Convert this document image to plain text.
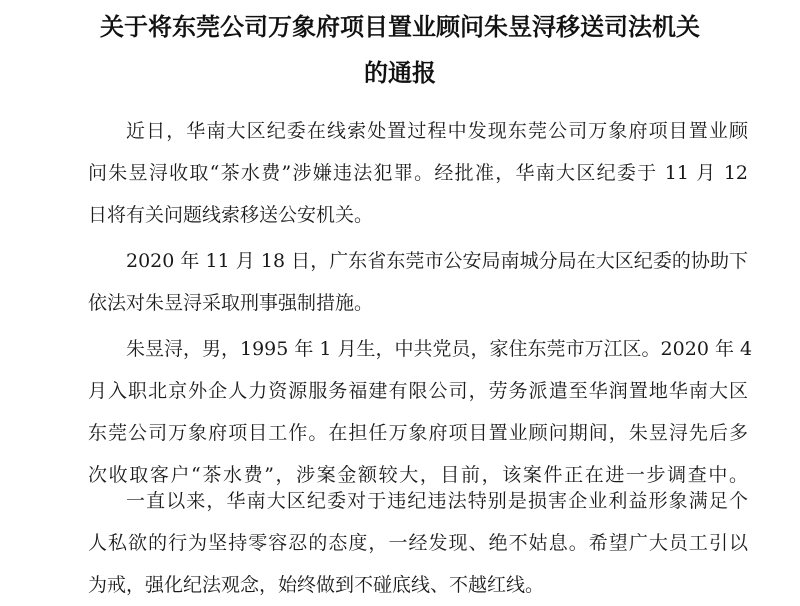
关于将东莞公司万象府项目置业顾问朱昱浔移送司法机关
的通报
近日，华南大区纪委在线索处置过程中发现东莞公司万象府项目置业顾
问朱昱浔收取“茶水费”涉嫌违法犯罪。经批准，华南大区纪委于 11 月 12
日将有关问题线索移送公安机关。
2020 年 11 月 18 日，广东省东莞市公安局南城分局在大区纪委的协助下
依法对朱昱浔采取刑事强制措施。
朱昱浔，男，1995 年 1 月生，中共党员，家住东莞市万江区。2020 年 4
月入职北京外企人力资源服务福建有限公司，劳务派遣至华润置地华南大区
东莞公司万象府项目工作。在担任万象府项目置业顾问期间，朱昱浔先后多
次收取客户“茶水费”，涉案金额较大，目前，该案件正在进一步调查中。
一直以来，华南大区纪委对于违纪违法特别是损害企业利益形象满足个
人私欲的行为坚持零容忍的态度，一经发现、绝不姑息。希望广大员工引以
为戒，强化纪法观念，始终做到不碰底线、不越红线。
